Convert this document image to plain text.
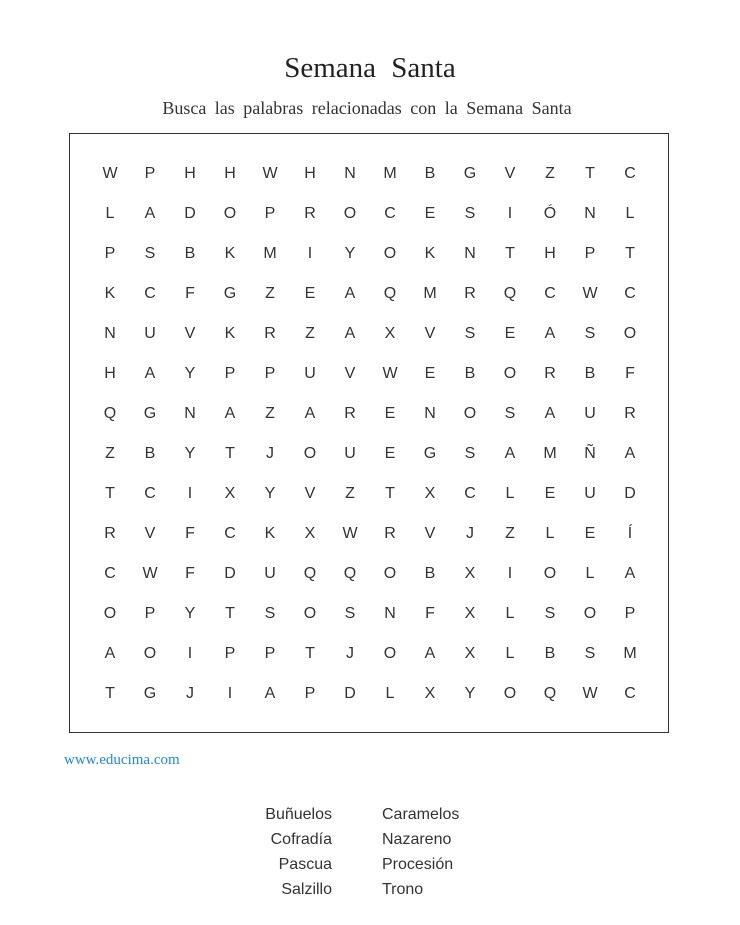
Semana Santa
Busca las palabras relacionadas con la Semana Santa
W	P	H	H	W	H	N	M	B	G	V	Z	T	C
L	A	D	O	P	R	O	C	E	S	I	Ó	N	L
P	S	B	K	M	I	Y	O	K	N	T	H	P	T
K	C	F	G	Z	E	A	Q	M	R	Q	C	W	C
N	U	V	K	R	Z	A	X	V	S	E	A	S	O
H	A	Y	P	P	U	V	W	E	B	O	R	B	F
Q	G	N	A	Z	A	R	E	N	O	S	A	U	R
Z	B	Y	T	J	O	U	E	G	S	A	M	Ñ	A
T	C	I	X	Y	V	Z	T	X	C	L	E	U	D
R	V	F	C	K	X	W	R	V	J	Z	L	E	Í
C	W	F	D	U	Q	Q	O	B	X	I	O	L	A
O	P	Y	T	S	O	S	N	F	X	L	S	O	P
A	O	I	P	P	T	J	O	A	X	L	B	S	M
T	G	J	I	A	P	D	L	X	Y	O	Q	W	C
www.educima.com
Buñuelos
Cofradía
Pascua
Salzillo
Caramelos
Nazareno
Procesión
Trono
